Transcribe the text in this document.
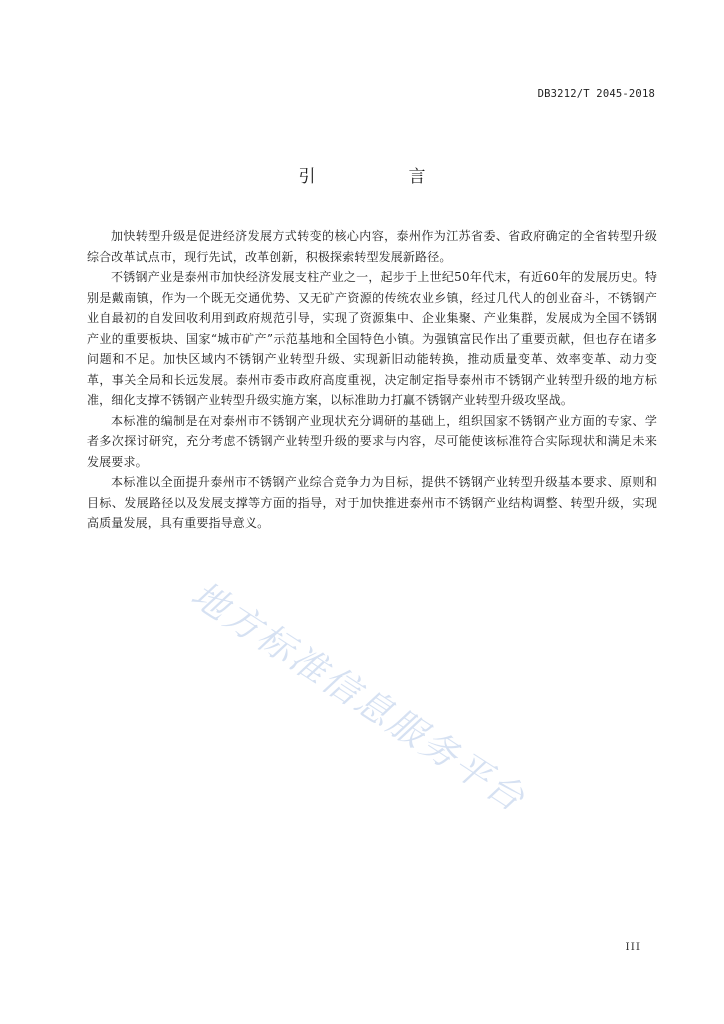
DB3212/T 2045-2018
引　言

加快转型升级是促进经济发展方式转变的核心内容，泰州作为江苏省委、省政府确定的全省转型升级综合改革试点市，现行先试，改革创新，积极探索转型发展新路径。

不锈钢产业是泰州市加快经济发展支柱产业之一，起步于上世纪50年代末，有近60年的发展历史。特别是戴南镇，作为一个既无交通优势、又无矿产资源的传统农业乡镇，经过几代人的创业奋斗，不锈钢产业自最初的自发回收利用到政府规范引导，实现了资源集中、企业集聚、产业集群，发展成为全国不锈钢产业的重要板块、国家“城市矿产”示范基地和全国特色小镇。为强镇富民作出了重要贡献，但也存在诸多问题和不足。加快区域内不锈钢产业转型升级、实现新旧动能转换，推动质量变革、效率变革、动力变革，事关全局和长远发展。泰州市委市政府高度重视，决定制定指导泰州市不锈钢产业转型升级的地方标准，细化支撑不锈钢产业转型升级实施方案，以标准助力打赢不锈钢产业转型升级攻坚战。

本标准的编制是在对泰州市不锈钢产业现状充分调研的基础上，组织国家不锈钢产业方面的专家、学者多次探讨研究，充分考虑不锈钢产业转型升级的要求与内容，尽可能使该标准符合实际现状和满足未来发展要求。

本标准以全面提升泰州市不锈钢产业综合竞争力为目标，提供不锈钢产业转型升级基本要求、原则和目标、发展路径以及发展支撑等方面的指导，对于加快推进泰州市不锈钢产业结构调整、转型升级，实现高质量发展，具有重要指导意义。

地方标准信息服务平台
III
